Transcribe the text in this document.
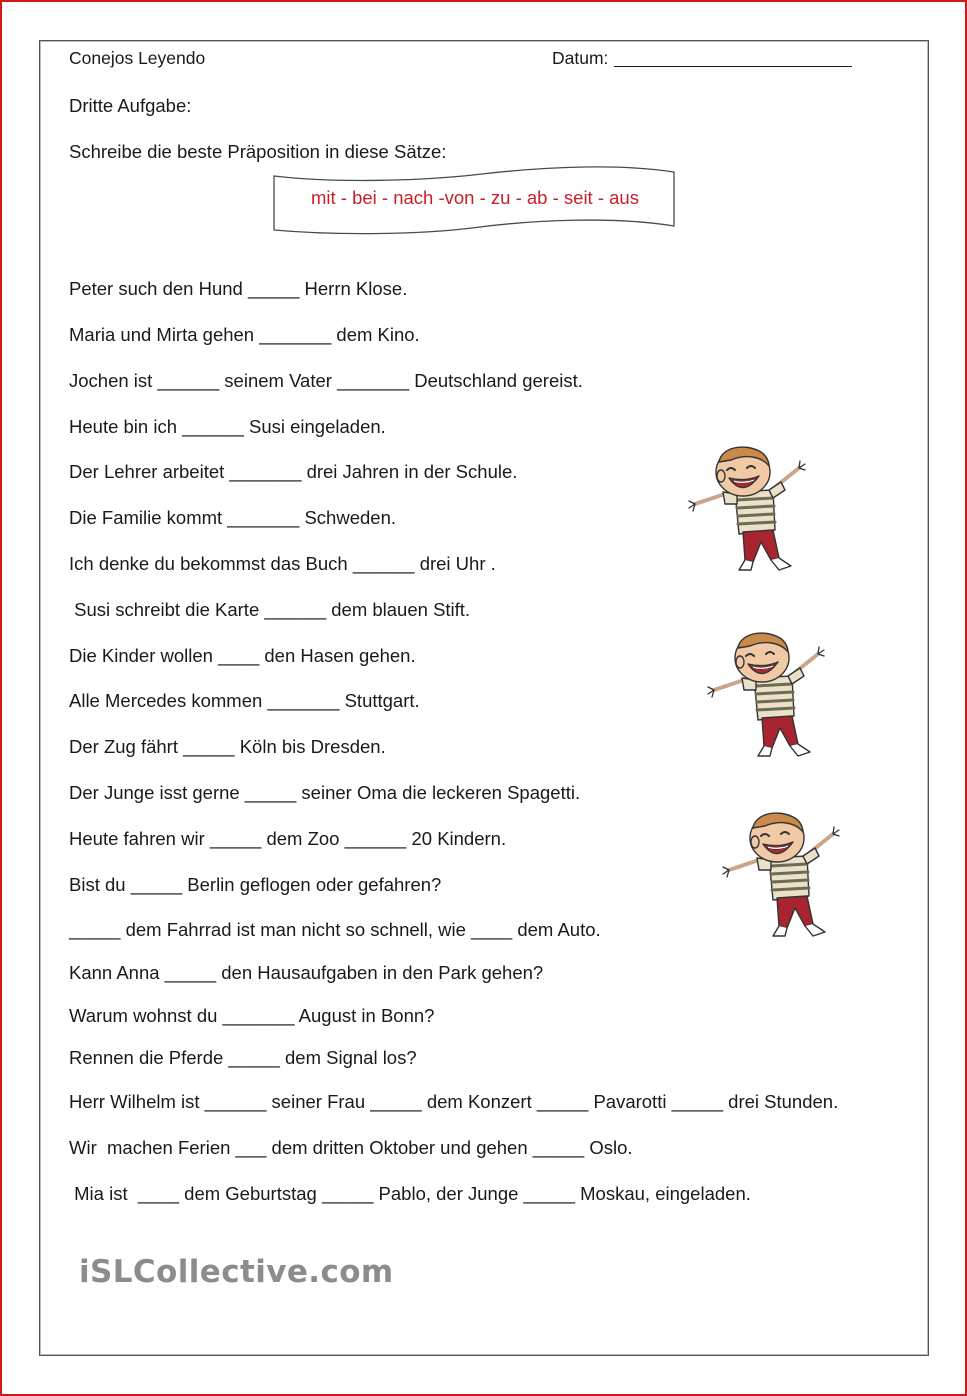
Conejos Leyendo	Datum:
Dritte Aufgabe:
Schreibe die beste Präposition in diese Sätze:
mit - bei - nach -von - zu - ab - seit - aus
Peter such den Hund _____ Herrn Klose.
Maria und Mirta gehen _______ dem Kino.
Jochen ist ______ seinem Vater _______ Deutschland gereist.
Heute bin ich ______ Susi eingeladen.
Der Lehrer arbeitet _______ drei Jahren in der Schule.
Die Familie kommt _______ Schweden.
Ich denke du bekommst das Buch ______ drei Uhr .
Susi schreibt die Karte ______ dem blauen Stift.
Die Kinder wollen ____ den Hasen gehen.
Alle Mercedes kommen _______ Stuttgart.
Der Zug fährt _____ Köln bis Dresden.
Der Junge isst gerne _____ seiner Oma die leckeren Spagetti.
Heute fahren wir _____ dem Zoo ______ 20 Kindern.
Bist du _____ Berlin geflogen oder gefahren?
_____ dem Fahrrad ist man nicht so schnell, wie ____ dem Auto.
Kann Anna _____ den Hausaufgaben in den Park gehen?
Warum wohnst du _______ August in Bonn?
Rennen die Pferde _____ dem Signal los?
Herr Wilhelm ist ______ seiner Frau _____ dem Konzert _____ Pavarotti _____ drei Stunden.
Wir  machen Ferien ___ dem dritten Oktober und gehen _____ Oslo.
Mia ist  ____ dem Geburtstag _____ Pablo, der Junge _____ Moskau, eingeladen.
iSLCollective.com
